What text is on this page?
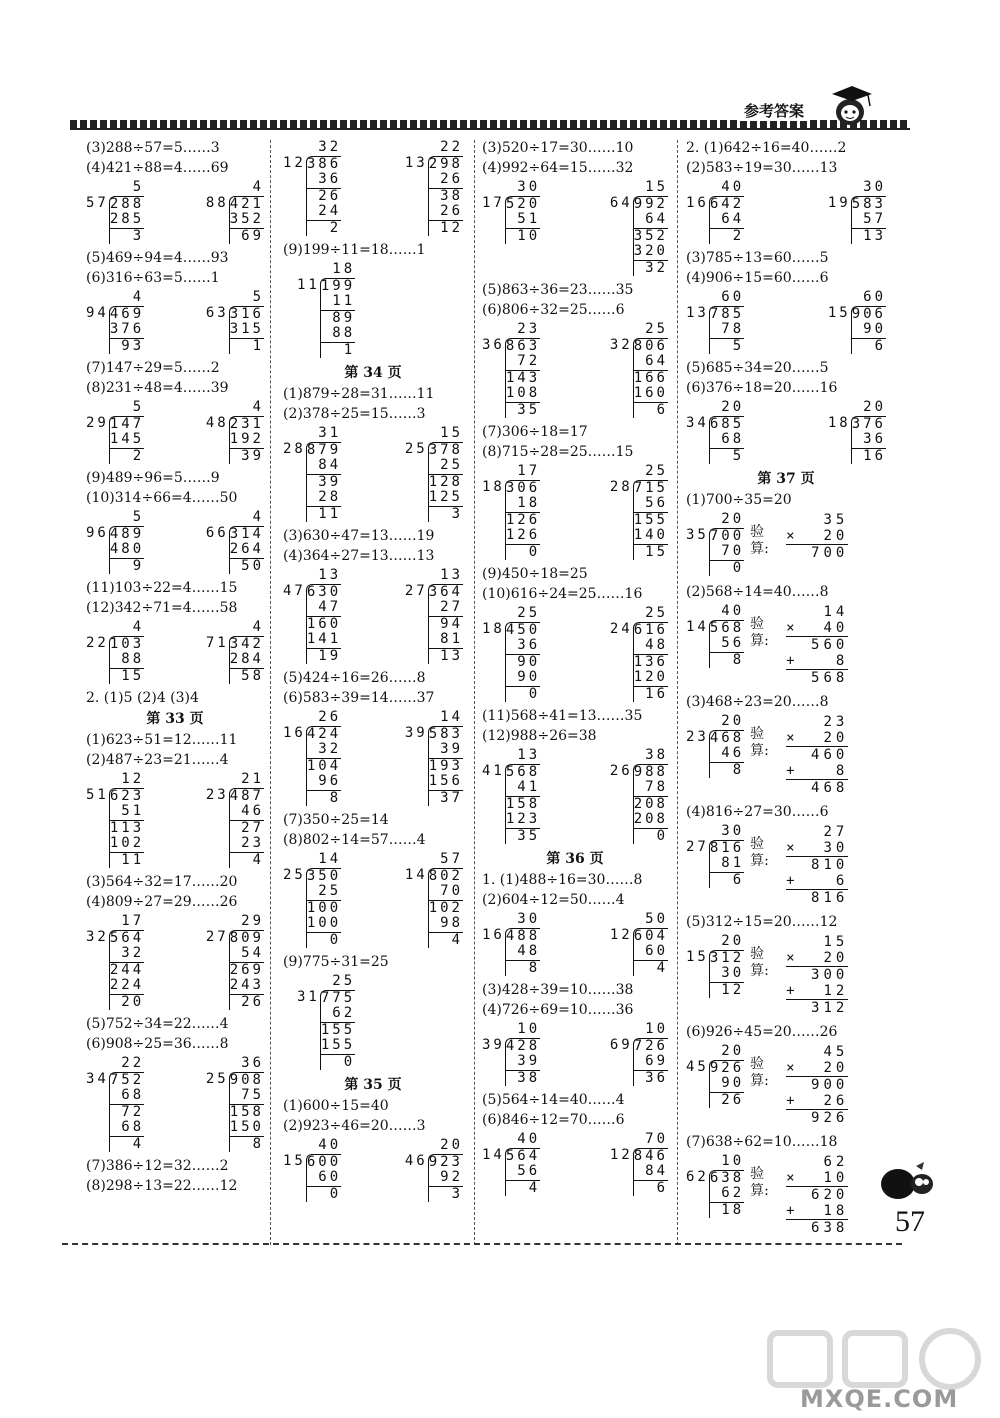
参考答案
(3)288÷57=5……3
(4)421÷88=4……69
5
57 288
285
3
4
88 421
352
69
(5)469÷94=4……93
(6)316÷63=5……1
4
94 469
376
93
5
63 316
315
1
(7)147÷29=5……2
(8)231÷48=4……39
5
29 147
145
2
4
48 231
192
39
(9)489÷96=5……9
(10)314÷66=4……50
5
96 489
480
9
4
66 314
264
50
(11)103÷22=4……15
(12)342÷71=4……58
4
22 103
88
15
4
71 342
284
58
2. (1)5 (2)4 (3)4
第 33 页
(1)623÷51=12……11
(2)487÷23=21……4
12
51 623
51
113
102
11
21
23 487
46
27
23
4
(3)564÷32=17……20
(4)809÷27=29……26
17
32 564
32
244
224
20
29
27 809
54
269
243
26
(5)752÷34=22……4
(6)908÷25=36……8
22
34 752
68
72
68
4
36
25 908
75
158
150
8
(7)386÷12=32……2
(8)298÷13=22……12
32
12 386
36
26
24
2
22
13 298
26
38
26
12
(9)199÷11=18……1
18
11 199
11
89
88
1
第 34 页
(1)879÷28=31……11
(2)378÷25=15……3
31
28 879
84
39
28
11
15
25 378
25
128
125
3
(3)630÷47=13……19
(4)364÷27=13……13
13
47 630
47
160
141
19
13
27 364
27
94
81
13
(5)424÷16=26……8
(6)583÷39=14……37
26
16 424
32
104
96
8
14
39 583
39
193
156
37
(7)350÷25=14
(8)802÷14=57……4
14
25 350
25
100
100
0
57
14 802
70
102
98
4
(9)775÷31=25
25
31 775
62
155
155
0
第 35 页
(1)600÷15=40
(2)923÷46=20……3
40
15 600
60
0
20
46 923
92
3
(3)520÷17=30……10
(4)992÷64=15……32
30
17 520
51
10
15
64 992
64
352
320
32
(5)863÷36=23……35
(6)806÷32=25……6
23
36 863
72
143
108
35
25
32 806
64
166
160
6
(7)306÷18=17
(8)715÷28=25……15
17
18 306
18
126
126
0
25
28 715
56
155
140
15
(9)450÷18=25
(10)616÷24=25……16
25
18 450
36
90
90
0
25
24 616
48
136
120
16
(11)568÷41=13……35
(12)988÷26=38
13
41 568
41
158
123
35
38
26 988
78
208
208
0
第 36 页
1. (1)488÷16=30……8
(2)604÷12=50……4
30
16 488
48
8
50
12 604
60
4
(3)428÷39=10……38
(4)726÷69=10……36
10
39 428
39
38
10
69 726
69
36
(5)564÷14=40……4
(6)846÷12=70……6
40
14 564
56
4
70
12 846
84
6
2. (1)642÷16=40……2
(2)583÷19=30……13
40
16 642
64
2
30
19 583
57
13
(3)785÷13=60……5
(4)906÷15=60……6
60
13 785
78
5
60
15 906
90
6
(5)685÷34=20……5
(6)376÷18=20……16
20
34 685
68
5
20
18 376
36
16
第 37 页
(1)700÷35=20
20
35 700
70
0
验算:
35
×  20
700
(2)568÷14=40……8
40
14 568
56
8
验算:
14
×  40
560
+   8
568
(3)468÷23=20……8
20
23 468
46
8
验算:
23
×  20
460
+   8
468
(4)816÷27=30……6
30
27 816
81
6
验算:
27
×  30
810
+   6
816
(5)312÷15=20……12
20
15 312
30
12
验算:
15
×  20
300
+  12
312
(6)926÷45=20……26
20
45 926
90
26
验算:
45
×  20
900
+  26
926
(7)638÷62=10……18
10
62 638
62
18
验算:
62
×  10
620
+  18
638 57
MXQE.COM
